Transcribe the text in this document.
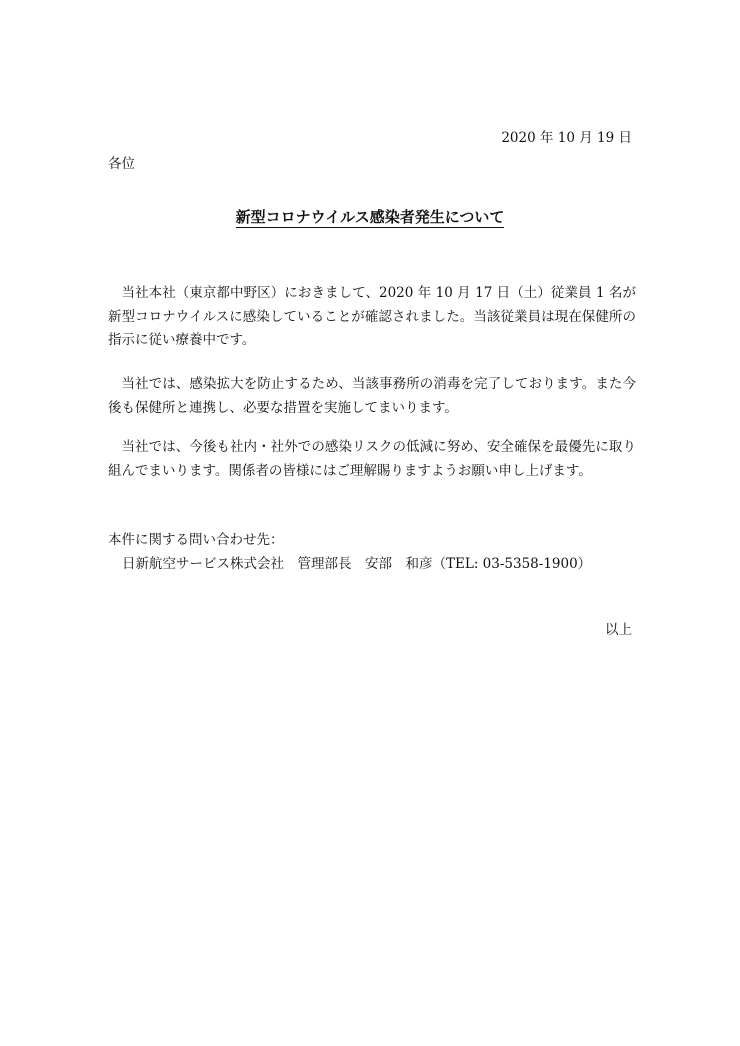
2020 年 10 月 19 日
各位
新型コロナウイルス感染者発生について

当社本社（東京都中野区）におきまして、2020 年 10 月 17 日（土）従業員 1 名が新型コロナウイルスに感染していることが確認されました。当該従業員は現在保健所の指示に従い療養中です。

当社では、感染拡大を防止するため、当該事務所の消毒を完了しております。また今後も保健所と連携し、必要な措置を実施してまいります。

当社では、今後も社内・社外での感染リスクの低減に努め、安全確保を最優先に取り組んでまいります。関係者の皆様にはご理解賜りますようお願い申し上げます。

本件に関する問い合わせ先：
日新航空サービス株式会社　管理部長　安部　和彦（TEL: 03-5358-1900）
以上
